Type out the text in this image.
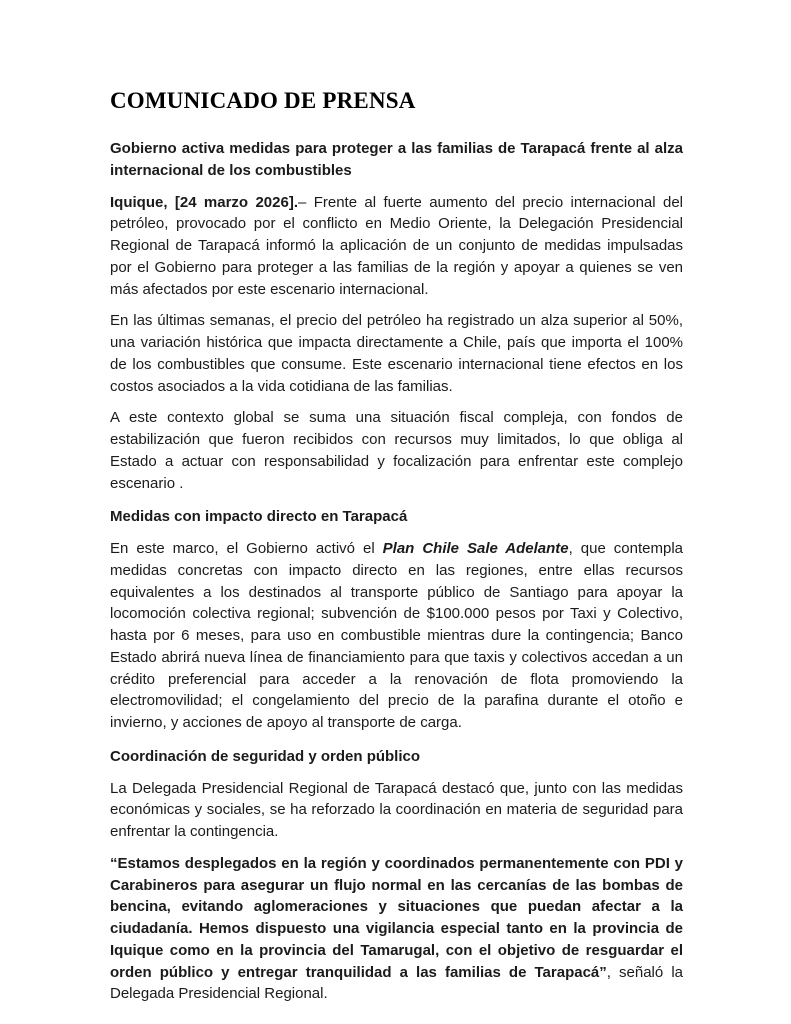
COMUNICADO DE PRENSA

Gobierno activa medidas para proteger a las familias de Tarapacá frente al alza internacional de los combustibles

Iquique, [24 marzo 2026].– Frente al fuerte aumento del precio internacional del petróleo, provocado por el conflicto en Medio Oriente, la Delegación Presidencial Regional de Tarapacá informó la aplicación de un conjunto de medidas impulsadas por el Gobierno para proteger a las familias de la región y apoyar a quienes se ven más afectados por este escenario internacional.

En las últimas semanas, el precio del petróleo ha registrado un alza superior al 50%, una variación histórica que impacta directamente a Chile, país que importa el 100% de los combustibles que consume. Este escenario internacional tiene efectos en los costos asociados a la vida cotidiana de las familias.

A este contexto global se suma una situación fiscal compleja, con fondos de estabilización que fueron recibidos con recursos muy limitados, lo que obliga al Estado a actuar con responsabilidad y focalización para enfrentar este complejo escenario .

Medidas con impacto directo en Tarapacá

En este marco, el Gobierno activó el Plan Chile Sale Adelante, que contempla medidas concretas con impacto directo en las regiones, entre ellas recursos equivalentes a los destinados al transporte público de Santiago para apoyar la locomoción colectiva regional; subvención de $100.000 pesos por Taxi y Colectivo, hasta por 6 meses, para uso en combustible mientras dure la contingencia; Banco Estado abrirá nueva línea de financiamiento para que taxis y colectivos accedan a un crédito preferencial para acceder a la renovación de flota promoviendo la electromovilidad; el congelamiento del precio de la parafina durante el otoño e invierno, y acciones de apoyo al transporte de carga.

Coordinación de seguridad y orden público

La Delegada Presidencial Regional de Tarapacá destacó que, junto con las medidas económicas y sociales, se ha reforzado la coordinación en materia de seguridad para enfrentar la contingencia.

“Estamos desplegados en la región y coordinados permanentemente con PDI y Carabineros para asegurar un flujo normal en las cercanías de las bombas de bencina, evitando aglomeraciones y situaciones que puedan afectar a la ciudadanía. Hemos dispuesto una vigilancia especial tanto en la provincia de Iquique como en la provincia del Tamarugal, con el objetivo de resguardar el orden público y entregar tranquilidad a las familias de Tarapacá”, señaló la Delegada Presidencial Regional.
